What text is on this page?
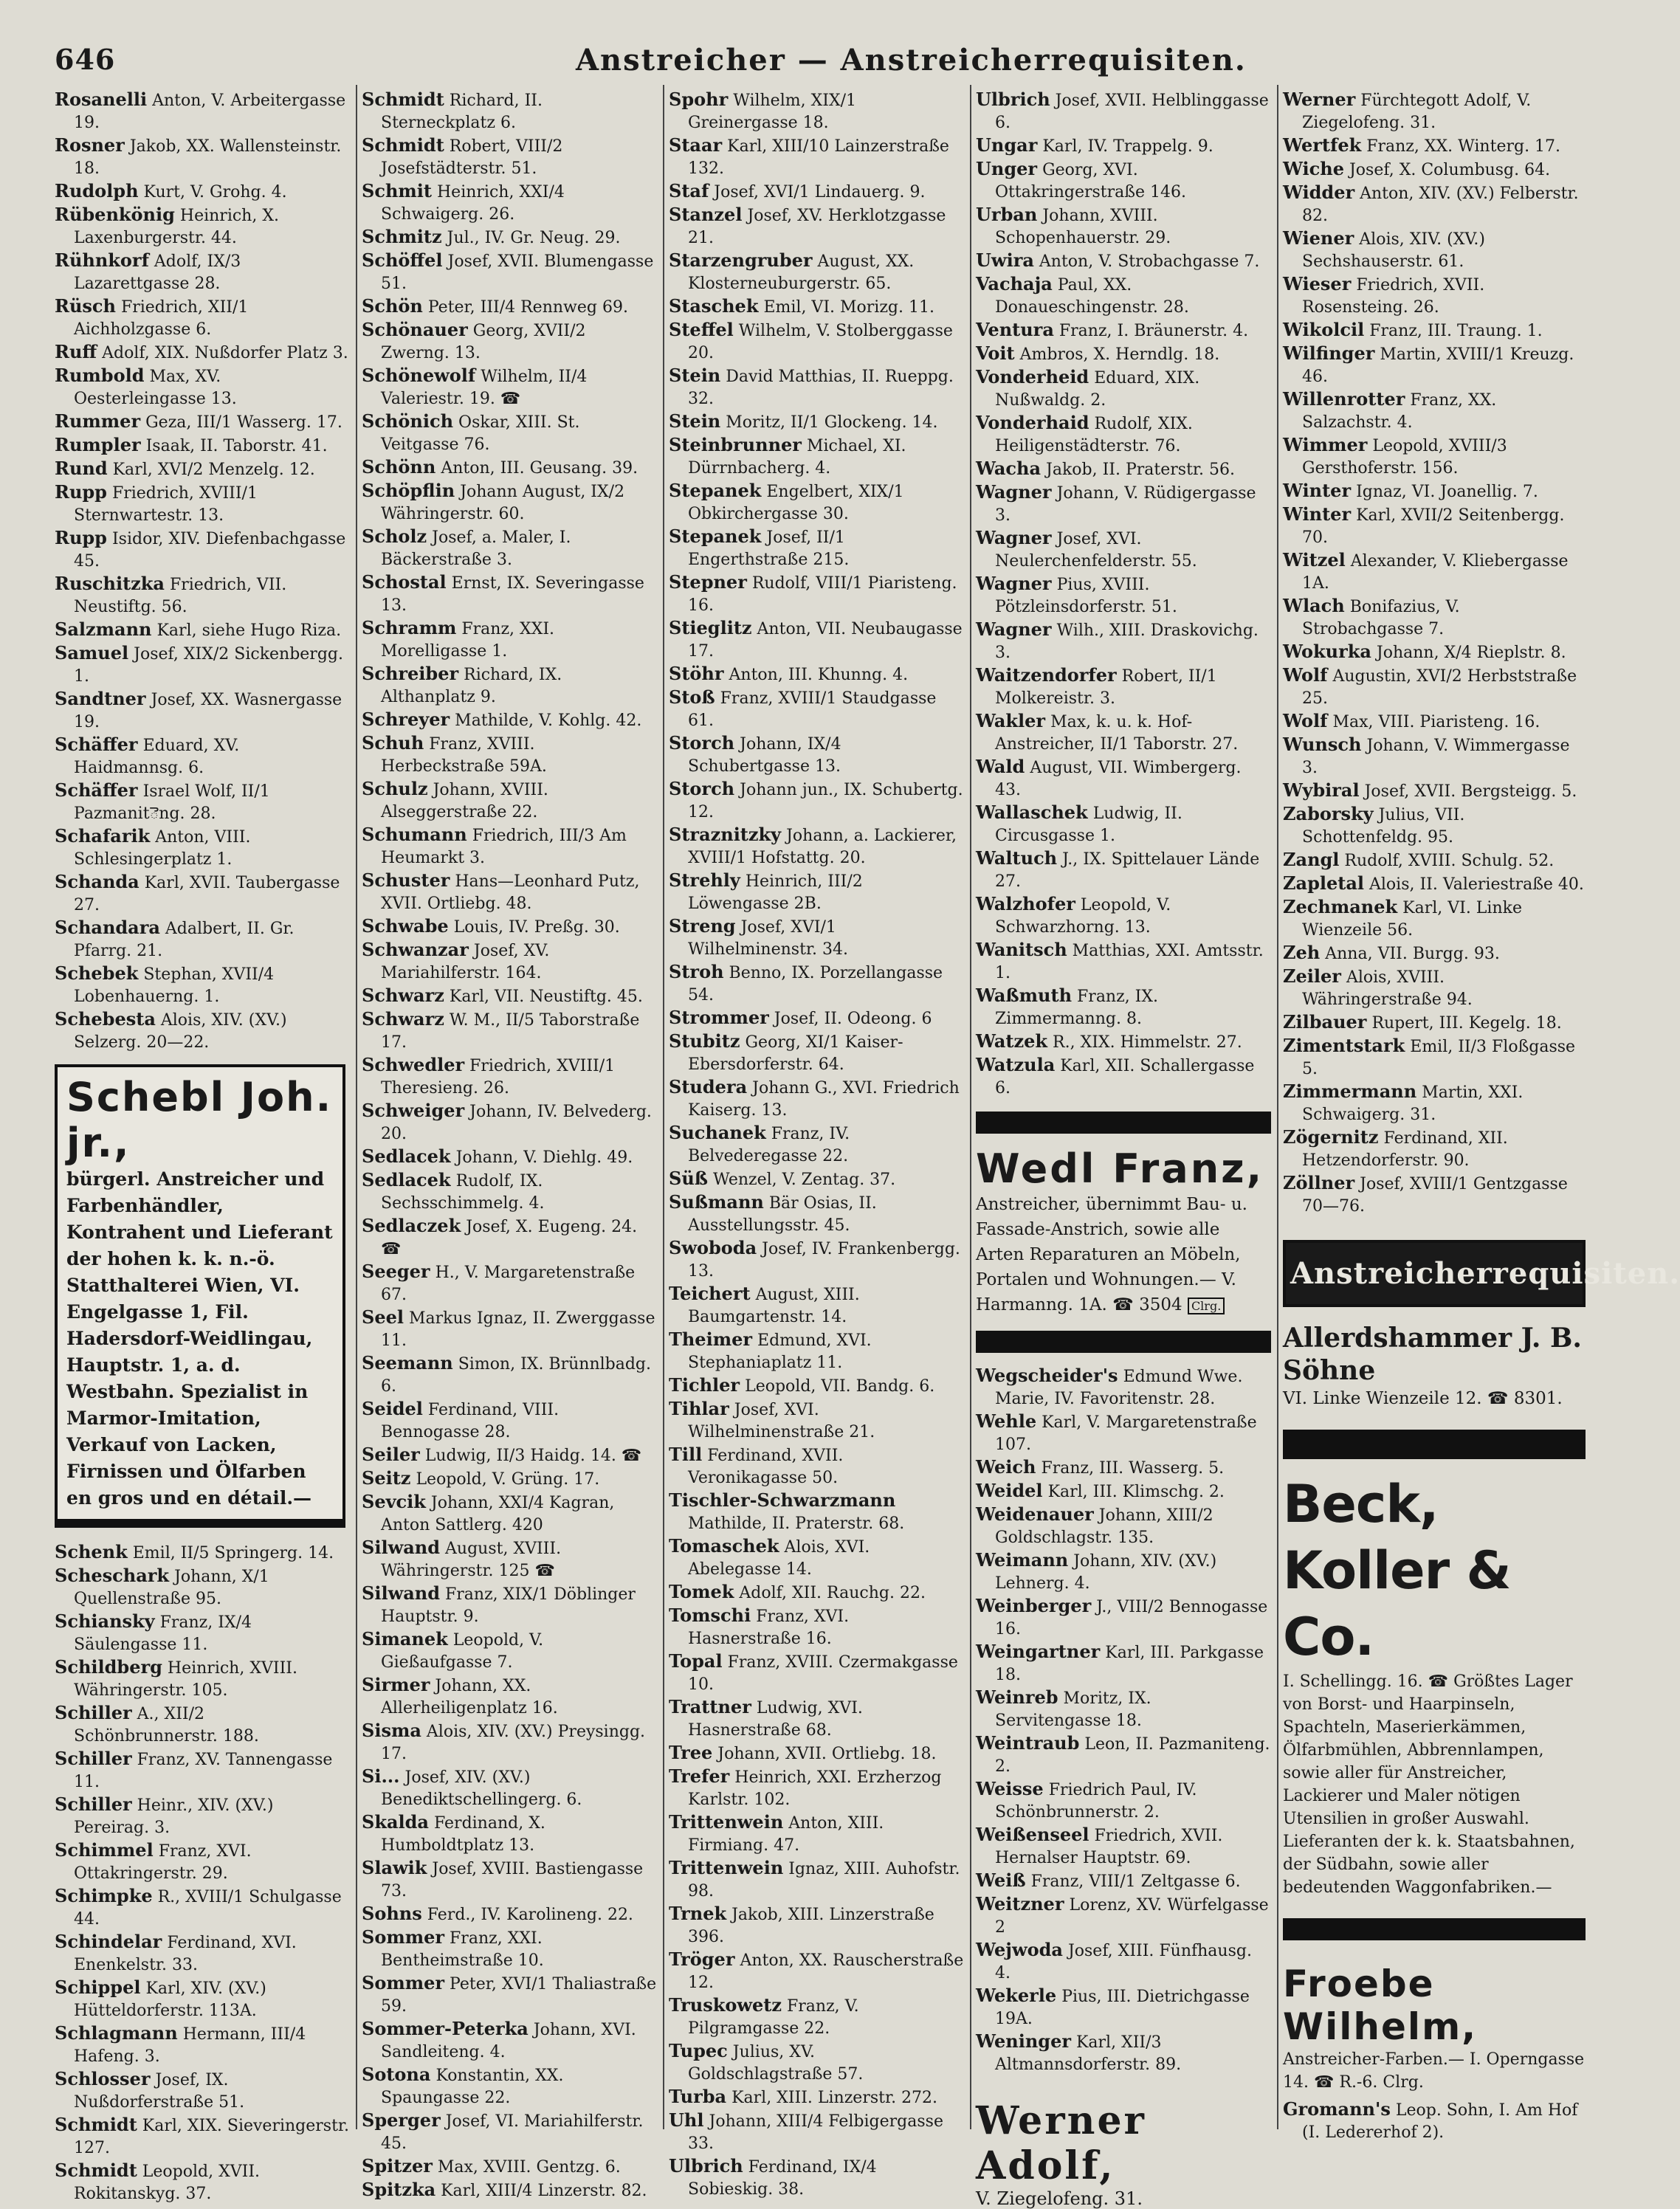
646	Anstreicher — Anstreicherrequisiten.
Rosanelli Anton, V. Arbeitergasse 19.
Rosner Jakob, XX. Wallensteinstr. 18.
Rudolph Kurt, V. Grohg. 4.
Rübenkönig Heinrich, X. Laxenburgerstr. 44.
Rühnkorf Adolf, IX/3 Lazarettgasse 28.
Rüsch Friedrich, XII/1 Aichholzgasse 6.
Ruff Adolf, XIX. Nußdorfer Platz 3.
Rumbold Max, XV. Oesterleingasse 13.
Rummer Geza, III/1 Wasserg. 17.
Rumpler Isaak, II. Taborstr. 41.
Rund Karl, XVI/2 Menzelg. 12.
Rupp Friedrich, XVIII/1 Sternwartestr. 13.
Rupp Isidor, XIV. Diefenbachgasse 45.
Ruschitzka Friedrich, VII. Neustiftg. 56.
Salzmann Karl, siehe Hugo Riza.
Samuel Josef, XIX/2 Sickenbergg. 1.
Sandtner Josef, XX. Wasnergasse 19.
Schäffer Eduard, XV. Haidmannsg. 6.
Schäffer Israel Wolf, II/1 Pazmanitెng. 28.
Schafarik Anton, VIII. Schlesingerplatz 1.
Schanda Karl, XVII. Taubergasse 27.
Schandara Adalbert, II. Gr. Pfarrg. 21.
Schebek Stephan, XVII/4 Lobenhauerng. 1.
Schebesta Alois, XIV. (XV.) Selzerg. 20—22.
Schebl Joh. jr.,
bürgerl. Anstreicher und Farbenhändler, Kontrahent und Lieferant der hohen k. k. n.-ö. Statthalterei Wien, VI. Engelgasse 1, Fil. Hadersdorf-Weidlingau, Hauptstr. 1, a. d. Westbahn. Spezialist in Marmor-Imitation, Verkauf von Lacken, Firnissen und Ölfarben en gros und en détail.—
Schenk Emil, II/5 Springerg. 14.
Scheschark Johann, X/1 Quellenstraße 95.
Schiansky Franz, IX/4 Säulengasse 11.
Schildberg Heinrich, XVIII. Währingerstr. 105.
Schiller A., XII/2 Schönbrunnerstr. 188.
Schiller Franz, XV. Tannengasse 11.
Schiller Heinr., XIV. (XV.) Pereirag. 3.
Schimmel Franz, XVI. Ottakringerstr. 29.
Schimpke R., XVIII/1 Schulgasse 44.
Schindelar Ferdinand, XVI. Enenkelstr. 33.
Schippel Karl, XIV. (XV.) Hütteldorferstr. 113A.
Schlagmann Hermann, III/4 Hafeng. 3.
Schlosser Josef, IX. Nußdorferstraße 51.
Schmidt Karl, XIX. Sieveringerstr. 127.
Schmidt Leopold, XVII. Rokitanskyg. 37.
Schmidt Richard, II. Sterneckplatz 6.
Schmidt Robert, VIII/2 Josefstädterstr. 51.
Schmit Heinrich, XXI/4 Schwaigerg. 26.
Schmitz Jul., IV. Gr. Neug. 29.
Schöffel Josef, XVII. Blumengasse 51.
Schön Peter, III/4 Rennweg 69.
Schönauer Georg, XVII/2 Zwerng. 13.
Schönewolf Wilhelm, II/4 Valeriestr. 19. ☎
Schönich Oskar, XIII. St. Veitgasse 76.
Schönn Anton, III. Geusang. 39.
Schöpflin Johann August, IX/2 Währingerstr. 60.
Scholz Josef, a. Maler, I. Bäckerstraße 3.
Schostal Ernst, IX. Severingasse 13.
Schramm Franz, XXI. Morelligasse 1.
Schreiber Richard, IX. Althanplatz 9.
Schreyer Mathilde, V. Kohlg. 42.
Schuh Franz, XVIII. Herbeckstraße 59A.
Schulz Johann, XVIII. Alseggerstraße 22.
Schumann Friedrich, III/3 Am Heumarkt 3.
Schuster Hans—Leonhard Putz, XVII. Ortliebg. 48.
Schwabe Louis, IV. Preßg. 30.
Schwanzar Josef, XV. Mariahilferstr. 164.
Schwarz Karl, VII. Neustiftg. 45.
Schwarz W. M., II/5 Taborstraße 17.
Schwedler Friedrich, XVIII/1 Theresieng. 26.
Schweiger Johann, IV. Belvederg. 20.
Sedlacek Johann, V. Diehlg. 49.
Sedlacek Rudolf, IX. Sechsschimmelg. 4.
Sedlaczek Josef, X. Eugeng. 24. ☎
Seeger H., V. Margaretenstraße 67.
Seel Markus Ignaz, II. Zwerggasse 11.
Seemann Simon, IX. Brünnlbadg. 6.
Seidel Ferdinand, VIII. Bennogasse 28.
Seiler Ludwig, II/3 Haidg. 14. ☎
Seitz Leopold, V. Grüng. 17.
Sevcik Johann, XXI/4 Kagran, Anton Sattlerg. 420
Silwand August, XVIII. Währingerstr. 125 ☎
Silwand Franz, XIX/1 Döblinger Hauptstr. 9.
Simanek Leopold, V. Gießaufgasse 7.
Sirmer Johann, XX. Allerheiligenplatz 16.
Sisma Alois, XIV. (XV.) Preysingg. 17.
Si... Josef, XIV. (XV.) Benediktschellingerg. 6.
Skalda Ferdinand, X. Humboldtplatz 13.
Slawik Josef, XVIII. Bastiengasse 73.
Sohns Ferd., IV. Karolineng. 22.
Sommer Franz, XXI. Bentheimstraße 10.
Sommer Peter, XVI/1 Thaliastraße 59.
Sommer-Peterka Johann, XVI. Sandleiteng. 4.
Sotona Konstantin, XX. Spaungasse 22.
Sperger Josef, VI. Mariahilferstr. 45.
Spitzer Max, XVIII. Gentzg. 6.
Spitzka Karl, XIII/4 Linzerstr. 82.
Spohr Wilhelm, XIX/1 Greinergasse 18.
Staar Karl, XIII/10 Lainzerstraße 132.
Staf Josef, XVI/1 Lindauerg. 9.
Stanzel Josef, XV. Herklotzgasse 21.
Starzengruber August, XX. Klosterneuburgerstr. 65.
Staschek Emil, VI. Morizg. 11.
Steffel Wilhelm, V. Stolberggasse 20.
Stein David Matthias, II. Rueppg. 32.
Stein Moritz, II/1 Glockeng. 14.
Steinbrunner Michael, XI. Dürrnbacherg. 4.
Stepanek Engelbert, XIX/1 Obkirchergasse 30.
Stepanek Josef, II/1 Engerthstraße 215.
Stepner Rudolf, VIII/1 Piaristeng. 16.
Stieglitz Anton, VII. Neubaugasse 17.
Stöhr Anton, III. Khunng. 4.
Stoß Franz, XVIII/1 Staudgasse 61.
Storch Johann, IX/4 Schubertgasse 13.
Storch Johann jun., IX. Schubertg. 12.
Straznitzky Johann, a. Lackierer, XVIII/1 Hofstattg. 20.
Strehly Heinrich, III/2 Löwengasse 2B.
Streng Josef, XVI/1 Wilhelminenstr. 34.
Stroh Benno, IX. Porzellangasse 54.
Strommer Josef, II. Odeong. 6
Stubitz Georg, XI/1 Kaiser-Ebersdorferstr. 64.
Studera Johann G., XVI. Friedrich Kaiserg. 13.
Suchanek Franz, IV. Belvederegasse 22.
Süß Wenzel, V. Zentag. 37.
Sußmann Bär Osias, II. Ausstellungsstr. 45.
Swoboda Josef, IV. Frankenbergg. 13.
Teichert August, XIII. Baumgartenstr. 14.
Theimer Edmund, XVI. Stephaniaplatz 11.
Tichler Leopold, VII. Bandg. 6.
Tihlar Josef, XVI. Wilhelminenstraße 21.
Till Ferdinand, XVII. Veronikagasse 50.
Tischler-Schwarzmann Mathilde, II. Praterstr. 68.
Tomaschek Alois, XVI. Abelegasse 14.
Tomek Adolf, XII. Rauchg. 22.
Tomschi Franz, XVI. Hasnerstraße 16.
Topal Franz, XVIII. Czermakgasse 10.
Trattner Ludwig, XVI. Hasnerstraße 68.
Tree Johann, XVII. Ortliebg. 18.
Trefer Heinrich, XXI. Erzherzog Karlstr. 102.
Trittenwein Anton, XIII. Firmiang. 47.
Trittenwein Ignaz, XIII. Auhofstr. 98.
Trnek Jakob, XIII. Linzerstraße 396.
Tröger Anton, XX. Rauscherstraße 12.
Truskowetz Franz, V. Pilgramgasse 22.
Tupec Julius, XV. Goldschlagstraße 57.
Turba Karl, XIII. Linzerstr. 272.
Uhl Johann, XIII/4 Felbigergasse 33.
Ulbrich Ferdinand, IX/4 Sobieskig. 38.
Ulbrich Josef, XVII. Helblinggasse 6.
Ungar Karl, IV. Trappelg. 9.
Unger Georg, XVI. Ottakringerstraße 146.
Urban Johann, XVIII. Schopenhauerstr. 29.
Uwira Anton, V. Strobachgasse 7.
Vachaja Paul, XX. Donaueschingenstr. 28.
Ventura Franz, I. Bräunerstr. 4.
Voit Ambros, X. Herndlg. 18.
Vonderheid Eduard, XIX. Nußwaldg. 2.
Vonderhaid Rudolf, XIX. Heiligenstädterstr. 76.
Wacha Jakob, II. Praterstr. 56.
Wagner Johann, V. Rüdigergasse 3.
Wagner Josef, XVI. Neulerchenfelderstr. 55.
Wagner Pius, XVIII. Pötzleinsdorferstr. 51.
Wagner Wilh., XIII. Draskovichg. 3.
Waitzendorfer Robert, II/1 Molkereistr. 3.
Wakler Max, k. u. k. Hof-Anstreicher, II/1 Taborstr. 27.
Wald August, VII. Wimbergerg. 43.
Wallaschek Ludwig, II. Circusgasse 1.
Waltuch J., IX. Spittelauer Lände 27.
Walzhofer Leopold, V. Schwarzhorng. 13.
Wanitsch Matthias, XXI. Amtsstr. 1.
Waßmuth Franz, IX. Zimmermanng. 8.
Watzek R., XIX. Himmelstr. 27.
Watzula Karl, XII. Schallergasse 6.
Wedl Franz,
Anstreicher, übernimmt Bau- u. Fassade-Anstrich, sowie alle Arten Reparaturen an Möbeln, Portalen und Wohnungen.— V. Harmanng. 1A. ☎ 3504 Clrg.
Wegscheider's Edmund Wwe. Marie, IV. Favoritenstr. 28.
Wehle Karl, V. Margaretenstraße 107.
Weich Franz, III. Wasserg. 5.
Weidel Karl, III. Klimschg. 2.
Weidenauer Johann, XIII/2 Goldschlagstr. 135.
Weimann Johann, XIV. (XV.) Lehnerg. 4.
Weinberger J., VIII/2 Bennogasse 16.
Weingartner Karl, III. Parkgasse 18.
Weinreb Moritz, IX. Servitengasse 18.
Weintraub Leon, II. Pazmaniteng. 2.
Weisse Friedrich Paul, IV. Schönbrunnerstr. 2.
Weißenseel Friedrich, XVII. Hernalser Hauptstr. 69.
Weiß Franz, VIII/1 Zeltgasse 6.
Weitzner Lorenz, XV. Würfelgasse 2
Wejwoda Josef, XIII. Fünfhausg. 4.
Wekerle Pius, III. Dietrichgasse 19A.
Weninger Karl, XII/3 Altmannsdorferstr. 89.
Werner Adolf,
V. Ziegelofeng. 31.
Werner Fürchtegott Adolf, V. Ziegelofeng. 31.
Wertfek Franz, XX. Winterg. 17.
Wiche Josef, X. Columbusg. 64.
Widder Anton, XIV. (XV.) Felberstr. 82.
Wiener Alois, XIV. (XV.) Sechshauserstr. 61.
Wieser Friedrich, XVII. Rosensteing. 26.
Wikolcil Franz, III. Traung. 1.
Wilfinger Martin, XVIII/1 Kreuzg. 46.
Willenrotter Franz, XX. Salzachstr. 4.
Wimmer Leopold, XVIII/3 Gersthoferstr. 156.
Winter Ignaz, VI. Joanellig. 7.
Winter Karl, XVII/2 Seitenbergg. 70.
Witzel Alexander, V. Kliebergasse 1A.
Wlach Bonifazius, V. Strobachgasse 7.
Wokurka Johann, X/4 Rieplstr. 8.
Wolf Augustin, XVI/2 Herbststraße 25.
Wolf Max, VIII. Piaristeng. 16.
Wunsch Johann, V. Wimmergasse 3.
Wybiral Josef, XVII. Bergsteigg. 5.
Zaborsky Julius, VII. Schottenfeldg. 95.
Zangl Rudolf, XVIII. Schulg. 52.
Zapletal Alois, II. Valeriestraße 40.
Zechmanek Karl, VI. Linke Wienzeile 56.
Zeh Anna, VII. Burgg. 93.
Zeiler Alois, XVIII. Währingerstraße 94.
Zilbauer Rupert, III. Kegelg. 18.
Zimentstark Emil, II/3 Floßgasse 5.
Zimmermann Martin, XXI. Schwaigerg. 31.
Zögernitz Ferdinand, XII. Hetzendorferstr. 90.
Zöllner Josef, XVIII/1 Gentzgasse 70—76.
Anstreicherrequisiten.
Allerdshammer J. B. Söhne
VI. Linke Wienzeile 12. ☎ 8301.
Beck, Koller & Co.
I. Schellingg. 16. ☎ Größtes Lager von Borst- und Haarpinseln, Spachteln, Maserierkämmen, Ölfarbmühlen, Abbrennlampen, sowie aller für Anstreicher, Lackierer und Maler nötigen Utensilien in großer Auswahl. Lieferanten der k. k. Staatsbahnen, der Südbahn, sowie aller bedeutenden Waggonfabriken.—
Froebe Wilhelm,
Anstreicher-Farben.— I. Operngasse 14. ☎ R.-6. Clrg.
Gromann's Leop. Sohn, I. Am Hof (I. Ledererhof 2).
